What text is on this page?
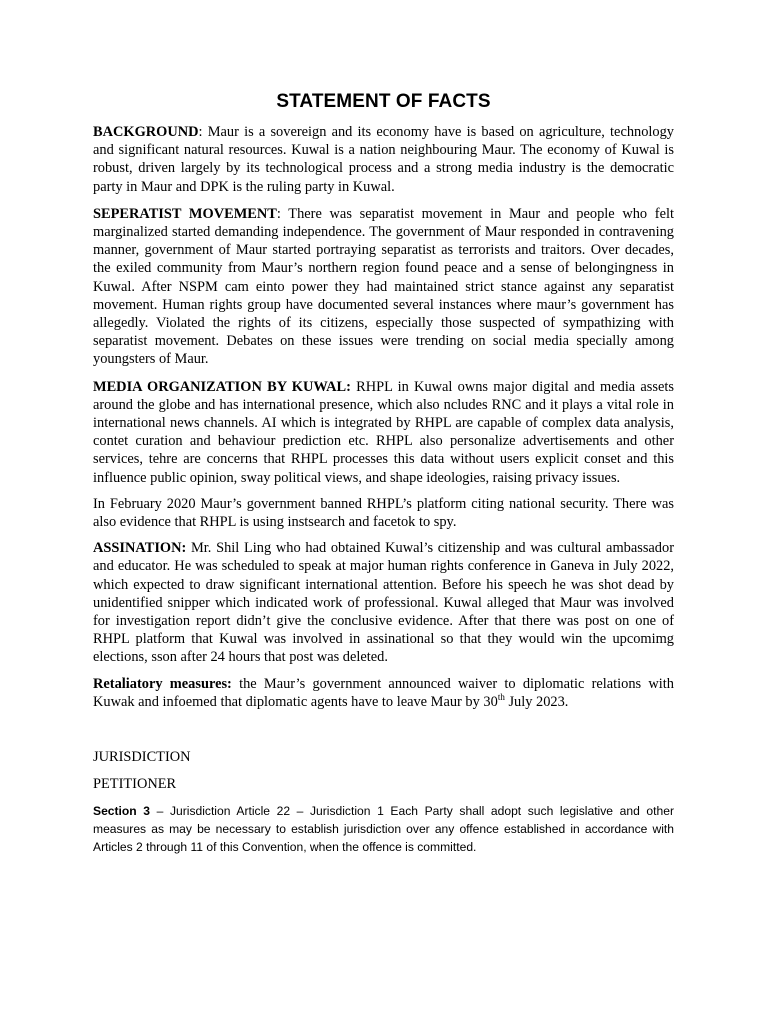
STATEMENT OF FACTS

BACKGROUND: Maur is a sovereign and its economy have is based on agriculture, technology and significant natural resources. Kuwal is a nation neighbouring Maur. The economy of Kuwal is robust, driven largely by its technological process and a strong media industry is the democratic party in Maur and DPK is the ruling party in Kuwal.

SEPERATIST MOVEMENT: There was separatist movement in Maur and people who felt marginalized started demanding independence. The government of Maur responded in contravening manner, government of Maur started portraying separatist as terrorists and traitors. Over decades, the exiled community from Maur’s northern region found peace and a sense of belongingness in Kuwal. After NSPM cam einto power they had maintained strict stance against any separatist movement. Human rights group have documented several instances where maur’s government has allegedly. Violated the rights of its citizens, especially those suspected of sympathizing with separatist movement. Debates on these issues were trending on social media specially among youngsters of Maur.

MEDIA ORGANIZATION BY KUWAL: RHPL in Kuwal owns major digital and media assets around the globe and has international presence, which also ncludes RNC and it plays a vital role in international news channels. AI which is integrated by RHPL are capable of complex data analysis, contet curation and behaviour prediction etc. RHPL also personalize advertisements and other services, tehre are concerns that RHPL processes this data without users explicit conset and this influence public opinion, sway political views, and shape ideologies, raising privacy issues.

In February 2020 Maur’s government banned RHPL’s platform citing national security. There was also evidence that RHPL is using instsearch and facetok to spy.

ASSINATION: Mr. Shil Ling who had obtained Kuwal’s citizenship and was cultural ambassador and educator. He was scheduled to speak at major human rights conference in Ganeva in July 2022, which expected to draw significant international attention. Before his speech he was shot dead by unidentified snipper which indicated work of professional. Kuwal alleged that Maur was involved for investigation report didn’t give the conclusive evidence. After that there was post on one of RHPL platform that Kuwal was involved in assinational so that they would win the upcomimg elections, sson after 24 hours that post was deleted.

Retaliatory measures: the Maur’s government announced waiver to diplomatic relations with Kuwak and infoemed that diplomatic agents have to leave Maur by 30th July 2023.

JURISDICTION

PETITIONER

Section 3 – Jurisdiction Article 22 – Jurisdiction 1 Each Party shall adopt such legislative and other measures as may be necessary to establish jurisdiction over any offence established in accordance with Articles 2 through 11 of this Convention, when the offence is committed.
